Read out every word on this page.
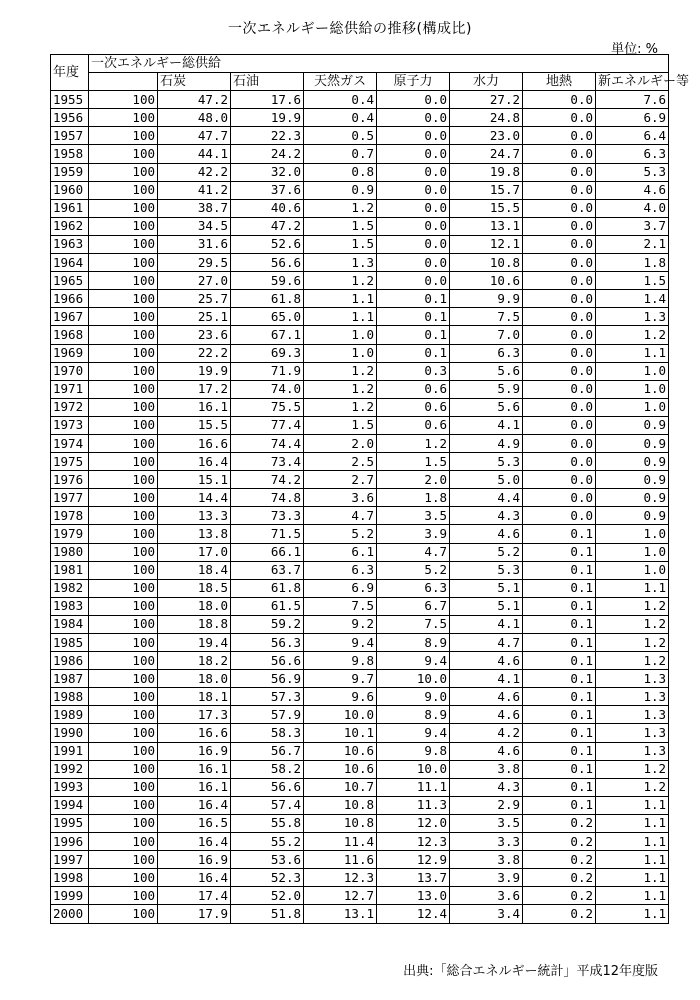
一次エネルギー総供給の推移(構成比)
単位: %
年度	一次エネルギー総供給							
		石炭	石油	天然ガス	原子力	水力	地熱	新エネルギー等
1955	100	47.2	17.6	0.4	0.0	27.2	0.0	7.6
1956	100	48.0	19.9	0.4	0.0	24.8	0.0	6.9
1957	100	47.7	22.3	0.5	0.0	23.0	0.0	6.4
1958	100	44.1	24.2	0.7	0.0	24.7	0.0	6.3
1959	100	42.2	32.0	0.8	0.0	19.8	0.0	5.3
1960	100	41.2	37.6	0.9	0.0	15.7	0.0	4.6
1961	100	38.7	40.6	1.2	0.0	15.5	0.0	4.0
1962	100	34.5	47.2	1.5	0.0	13.1	0.0	3.7
1963	100	31.6	52.6	1.5	0.0	12.1	0.0	2.1
1964	100	29.5	56.6	1.3	0.0	10.8	0.0	1.8
1965	100	27.0	59.6	1.2	0.0	10.6	0.0	1.5
1966	100	25.7	61.8	1.1	0.1	9.9	0.0	1.4
1967	100	25.1	65.0	1.1	0.1	7.5	0.0	1.3
1968	100	23.6	67.1	1.0	0.1	7.0	0.0	1.2
1969	100	22.2	69.3	1.0	0.1	6.3	0.0	1.1
1970	100	19.9	71.9	1.2	0.3	5.6	0.0	1.0
1971	100	17.2	74.0	1.2	0.6	5.9	0.0	1.0
1972	100	16.1	75.5	1.2	0.6	5.6	0.0	1.0
1973	100	15.5	77.4	1.5	0.6	4.1	0.0	0.9
1974	100	16.6	74.4	2.0	1.2	4.9	0.0	0.9
1975	100	16.4	73.4	2.5	1.5	5.3	0.0	0.9
1976	100	15.1	74.2	2.7	2.0	5.0	0.0	0.9
1977	100	14.4	74.8	3.6	1.8	4.4	0.0	0.9
1978	100	13.3	73.3	4.7	3.5	4.3	0.0	0.9
1979	100	13.8	71.5	5.2	3.9	4.6	0.1	1.0
1980	100	17.0	66.1	6.1	4.7	5.2	0.1	1.0
1981	100	18.4	63.7	6.3	5.2	5.3	0.1	1.0
1982	100	18.5	61.8	6.9	6.3	5.1	0.1	1.1
1983	100	18.0	61.5	7.5	6.7	5.1	0.1	1.2
1984	100	18.8	59.2	9.2	7.5	4.1	0.1	1.2
1985	100	19.4	56.3	9.4	8.9	4.7	0.1	1.2
1986	100	18.2	56.6	9.8	9.4	4.6	0.1	1.2
1987	100	18.0	56.9	9.7	10.0	4.1	0.1	1.3
1988	100	18.1	57.3	9.6	9.0	4.6	0.1	1.3
1989	100	17.3	57.9	10.0	8.9	4.6	0.1	1.3
1990	100	16.6	58.3	10.1	9.4	4.2	0.1	1.3
1991	100	16.9	56.7	10.6	9.8	4.6	0.1	1.3
1992	100	16.1	58.2	10.6	10.0	3.8	0.1	1.2
1993	100	16.1	56.6	10.7	11.1	4.3	0.1	1.2
1994	100	16.4	57.4	10.8	11.3	2.9	0.1	1.1
1995	100	16.5	55.8	10.8	12.0	3.5	0.2	1.1
1996	100	16.4	55.2	11.4	12.3	3.3	0.2	1.1
1997	100	16.9	53.6	11.6	12.9	3.8	0.2	1.1
1998	100	16.4	52.3	12.3	13.7	3.9	0.2	1.1
1999	100	17.4	52.0	12.7	13.0	3.6	0.2	1.1
2000	100	17.9	51.8	13.1	12.4	3.4	0.2	1.1
出典:「総合エネルギー統計」平成12年度版
